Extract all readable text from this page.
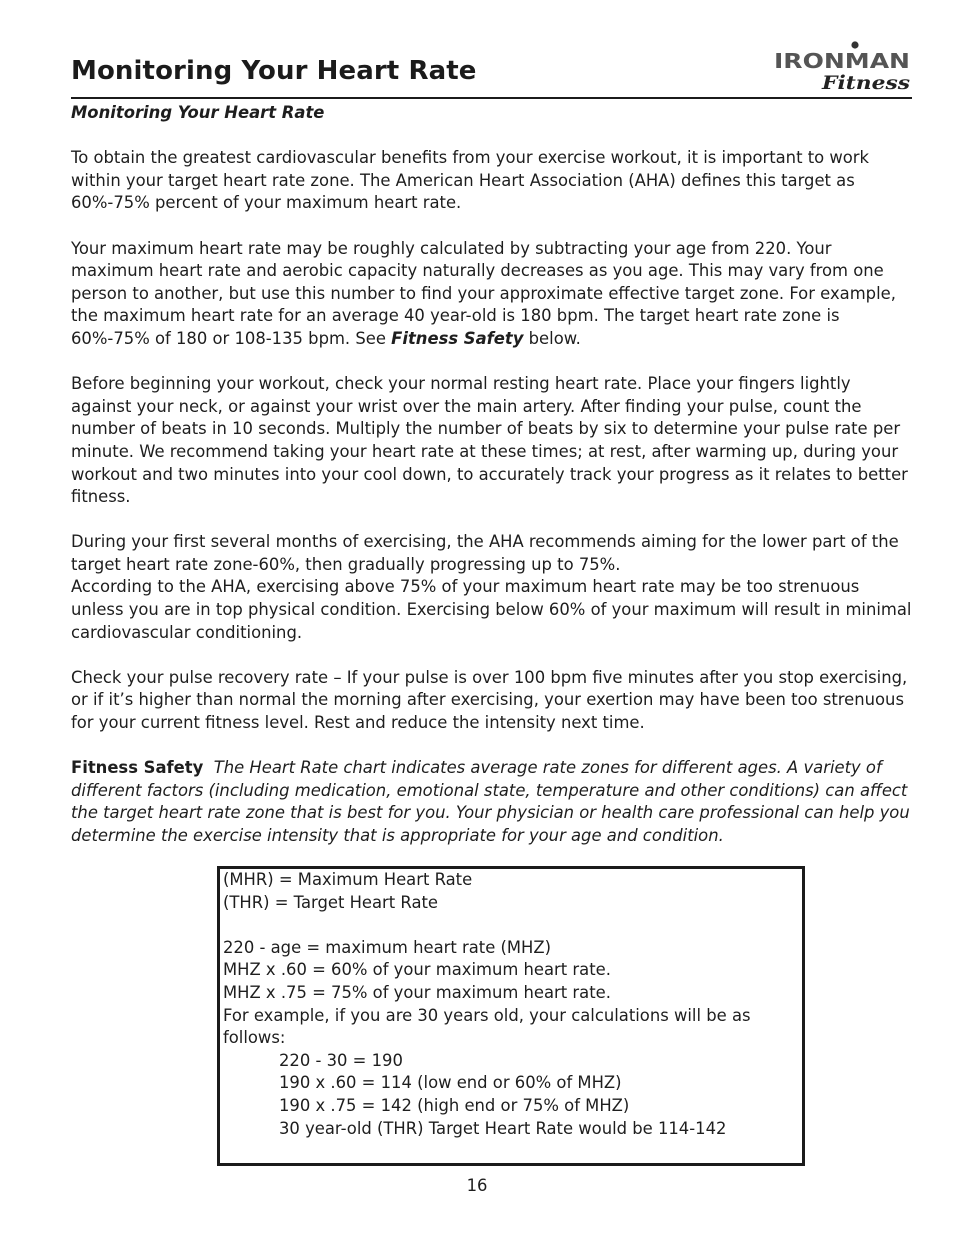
Monitoring Your Heart Rate	IRONMAN
Fitness

Monitoring Your Heart Rate

To obtain the greatest cardiovascular benefits from your exercise workout, it is important to work within your target heart rate zone. The American Heart Association (AHA) defines this target as 60%-75% percent of your maximum heart rate.

Your maximum heart rate may be roughly calculated by subtracting your age from 220. Your maximum heart rate and aerobic capacity naturally decreases as you age. This may vary from one person to another, but use this number to find your approximate effective target zone. For example, the maximum heart rate for an average 40 year-old is 180 bpm. The target heart rate zone is 60%-75% of 180 or 108-135 bpm. See Fitness Safety below.

Before beginning your workout, check your normal resting heart rate. Place your fingers lightly against your neck, or against your wrist over the main artery. After finding your pulse, count the number of beats in 10 seconds. Multiply the number of beats by six to determine your pulse rate per minute. We recommend taking your heart rate at these times; at rest, after warming up, during your workout and two minutes into your cool down, to accurately track your progress as it relates to better fitness.

During your first several months of exercising, the AHA recommends aiming for the lower part of the target heart rate zone-60%, then gradually progressing up to 75%.

According to the AHA, exercising above 75% of your maximum heart rate may be too strenuous unless you are in top physical condition. Exercising below 60% of your maximum will result in minimal cardiovascular conditioning.

Check your pulse recovery rate – If your pulse is over 100 bpm five minutes after you stop exercising, or if it’s higher than normal the morning after exercising, your exertion may have been too strenuous for your current fitness level. Rest and reduce the intensity next time.

Fitness Safety The Heart Rate chart indicates average rate zones for different ages. A variety of different factors (including medication, emotional state, temperature and other conditions) can affect the target heart rate zone that is best for you. Your physician or health care professional can help you determine the exercise intensity that is appropriate for your age and condition.

(MHR) = Maximum Heart Rate

(THR) = Target Heart Rate

220 - age = maximum heart rate (MHZ)

MHZ x .60 = 60% of your maximum heart rate.

MHZ x .75 = 75% of your maximum heart rate.

For example, if you are 30 years old, your calculations will be as follows:

220 - 30 = 190

190 x .60 = 114 (low end or 60% of MHZ)

190 x .75 = 142 (high end or 75% of MHZ)

30 year-old (THR) Target Heart Rate would be 114-142

16
